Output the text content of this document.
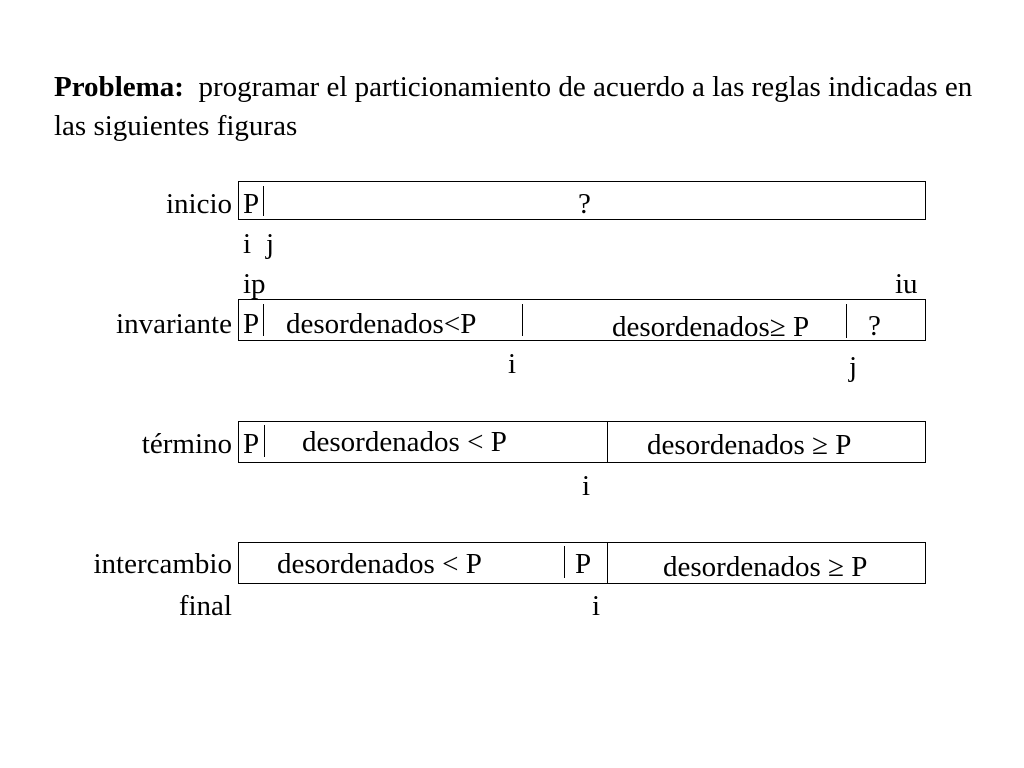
Problema: programar el particionamiento de acuerdo a las reglas indicadas en las siguientes figuras
inicio P	?
i j
ip	iu
invariante P desordenados<P	desordenados≥ P ?
i	j
término P desordenados < P	desordenados ≥ P
i
intercambio
final
desordenados < P	P desordenados ≥ P
i
